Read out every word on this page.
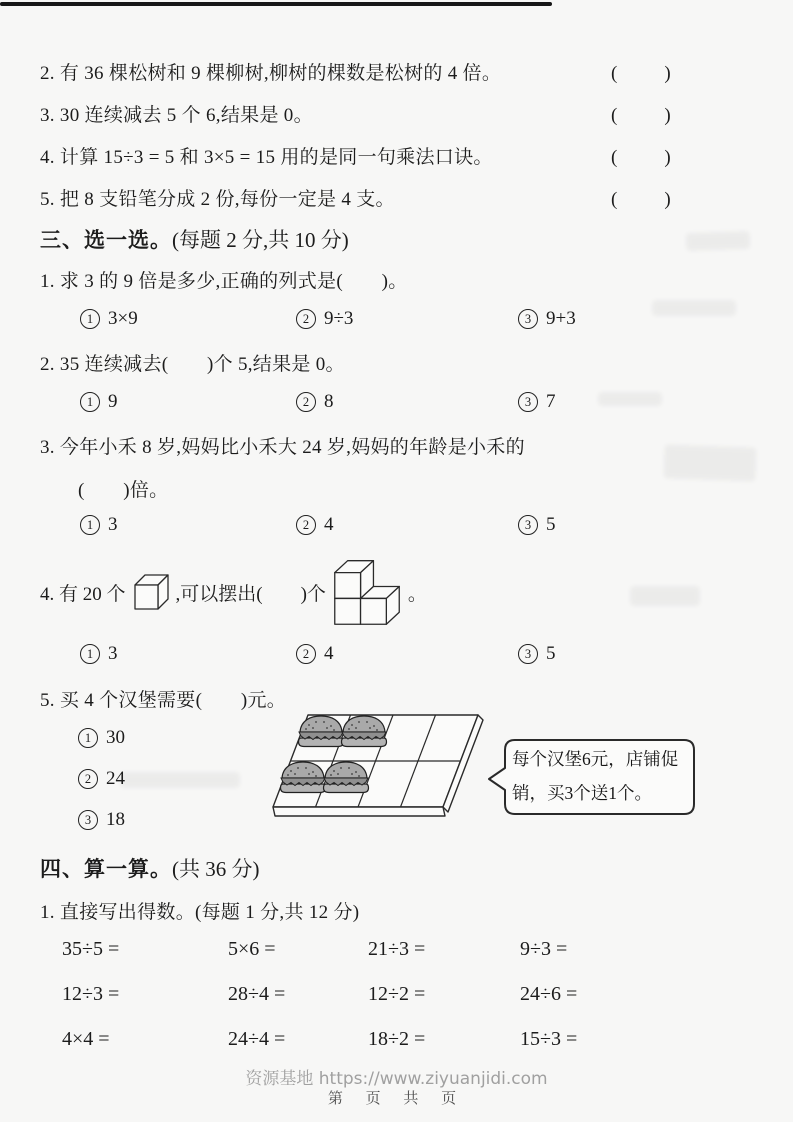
2. 有 36 棵松树和 9 棵柳树,柳树的棵数是松树的 4 倍。	(　　)
3. 30 连续减去 5 个 6,结果是 0。	(　　)
4. 计算 15÷3 = 5 和 3×5 = 15 用的是同一句乘法口诀。	(　　)
5. 把 8 支铅笔分成 2 份,每份一定是 4 支。	(　　)
三、选一选。(每题 2 分,共 10 分)
1. 求 3 的 9 倍是多少,正确的列式是(　　)。
1 3×9	2 9÷3	3 9+3
2. 35 连续减去(　　)个 5,结果是 0。
1 9	2 8	3 7
3. 今年小禾 8 岁,妈妈比小禾大 24 岁,妈妈的年龄是小禾的
(　　)倍。
1 3	2 4	3 5
4. 有 20 个	,可以摆出(　　)个	。
1 3	2 4	3 5
5. 买 4 个汉堡需要(　　)元。
1 30
2 24
3 18
每个汉堡6元，店铺促
销，买3个送1个。
四、算一算。(共 36 分)
1. 直接写出得数。(每题 1 分,共 12 分)
35÷5 =	5×6 =	21÷3 =	9÷3 =
12÷3 =	28÷4 =	12÷2 =	24÷6 =
4×4 =	24÷4 =	18÷2 =	15÷3 =
资源基地 https://www.ziyuanjidi.com
第 页 共 页
